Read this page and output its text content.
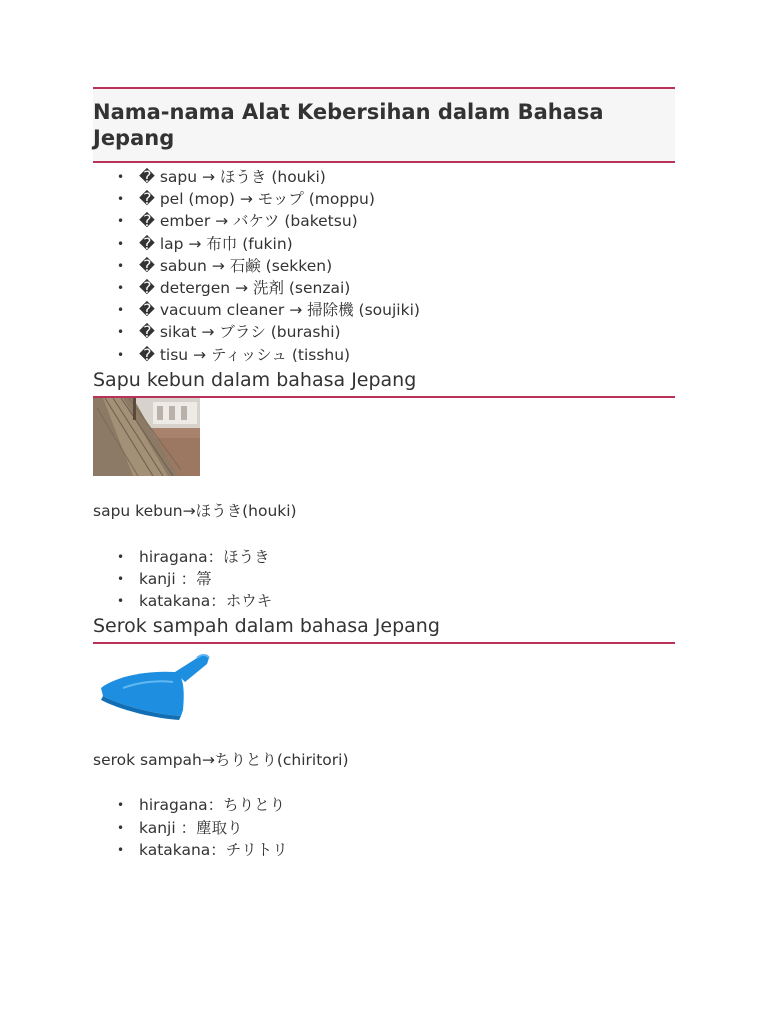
Nama-nama Alat Kebersihan dalam Bahasa Jepang
• � sapu → ほうき (houki)
• � pel (mop) → モップ (moppu)
• � ember → バケツ (baketsu)
• � lap → 布巾 (fukin)
• � sabun → 石鹸 (sekken)
• � detergen → 洗剤 (senzai)
• � vacuum cleaner → 掃除機 (soujiki)
• � sikat → ブラシ (burashi)
• � tisu → ティッシュ (tisshu)
Sapu kebun dalam bahasa Jepang

sapu kebun→ほうき(houki)

• hiragana：ほうき
• kanji ：箒
• katakana：ホウキ
Serok sampah dalam bahasa Jepang

serok sampah→ちりとり(chiritori)

• hiragana：ちりとり
• kanji ：塵取り
• katakana：チリトリ
